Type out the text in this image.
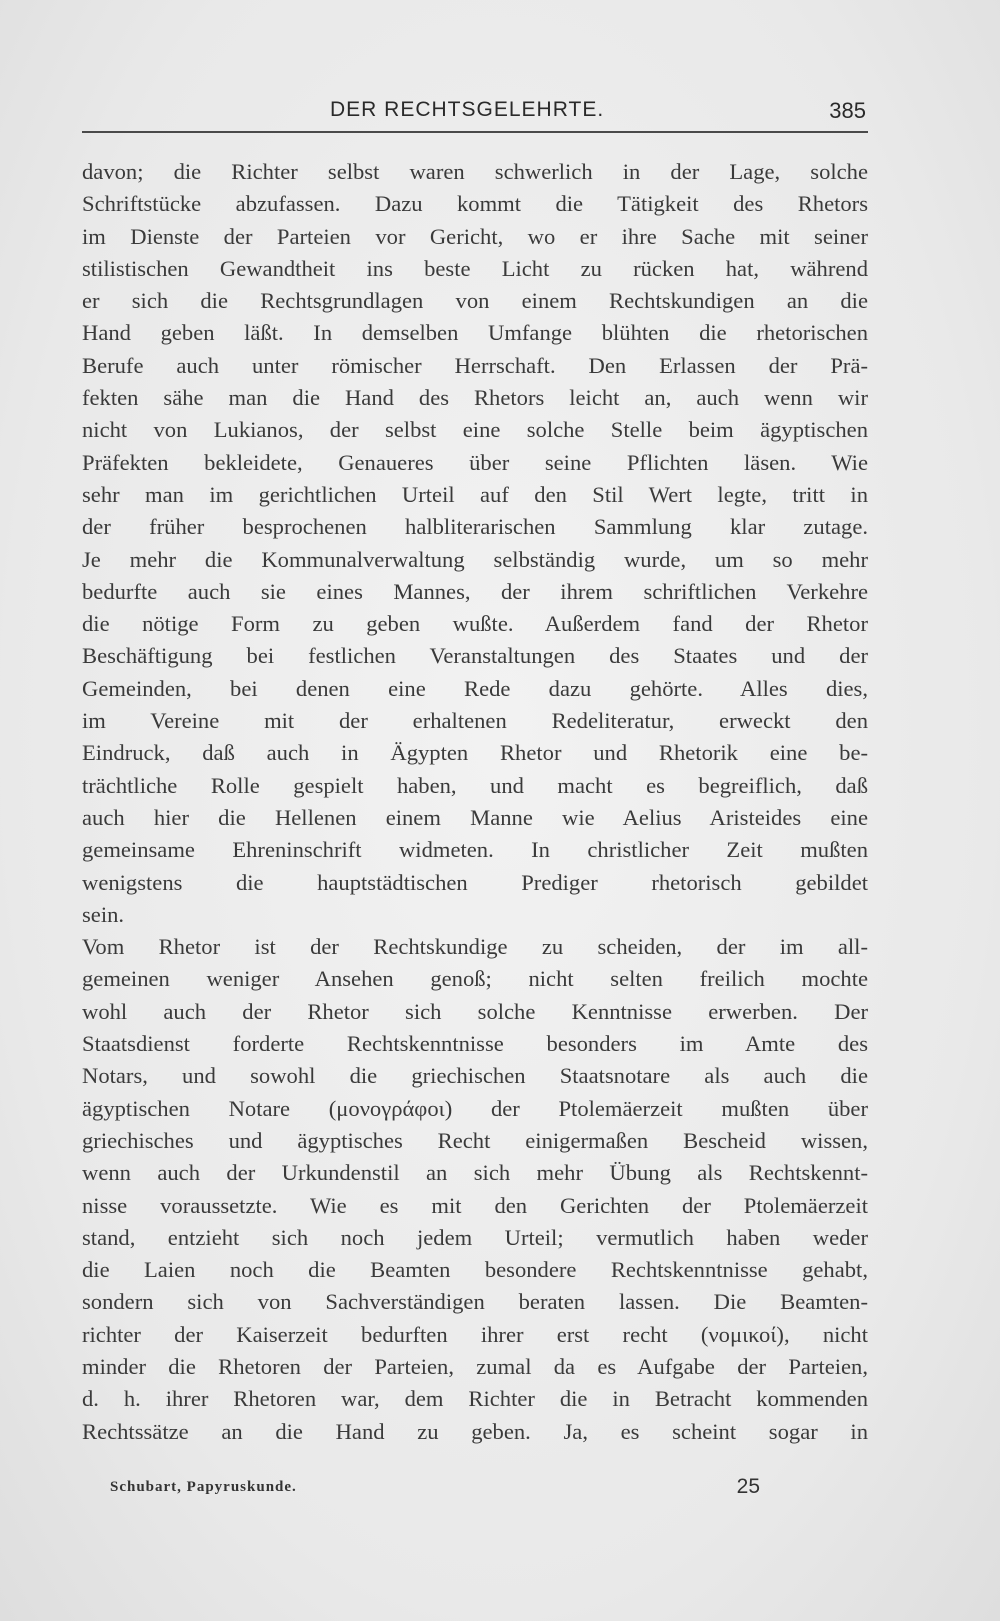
DER RECHTSGELEHRTE.	385
davon; die Richter selbst waren schwerlich in der Lage, solche
Schriftstücke abzufassen. Dazu kommt die Tätigkeit des Rhetors
im Dienste der Parteien vor Gericht, wo er ihre Sache mit seiner
stilistischen Gewandtheit ins beste Licht zu rücken hat, während
er sich die Rechtsgrundlagen von einem Rechtskundigen an die
Hand geben läßt. In demselben Umfange blühten die rhetorischen
Berufe auch unter römischer Herrschaft. Den Erlassen der Prä-
fekten sähe man die Hand des Rhetors leicht an, auch wenn wir
nicht von Lukianos, der selbst eine solche Stelle beim ägyptischen
Präfekten bekleidete, Genaueres über seine Pflichten läsen. Wie
sehr man im gerichtlichen Urteil auf den Stil Wert legte, tritt in
der früher besprochenen halbliterarischen Sammlung klar zutage.
Je mehr die Kommunalverwaltung selbständig wurde, um so mehr
bedurfte auch sie eines Mannes, der ihrem schriftlichen Verkehre
die nötige Form zu geben wußte. Außerdem fand der Rhetor
Beschäftigung bei festlichen Veranstaltungen des Staates und der
Gemeinden, bei denen eine Rede dazu gehörte. Alles dies,
im Vereine mit der erhaltenen Redeliteratur, erweckt den
Eindruck, daß auch in Ägypten Rhetor und Rhetorik eine be-
trächtliche Rolle gespielt haben, und macht es begreiflich, daß
auch hier die Hellenen einem Manne wie Aelius Aristeides eine
gemeinsame Ehreninschrift widmeten. In christlicher Zeit mußten
wenigstens die hauptstädtischen Prediger rhetorisch gebildet
sein.
Vom Rhetor ist der Rechtskundige zu scheiden, der im all-
gemeinen weniger Ansehen genoß; nicht selten freilich mochte
wohl auch der Rhetor sich solche Kenntnisse erwerben. Der
Staatsdienst forderte Rechtskenntnisse besonders im Amte des
Notars, und sowohl die griechischen Staatsnotare als auch die
ägyptischen Notare (μονογράφοι) der Ptolemäerzeit mußten über
griechisches und ägyptisches Recht einigermaßen Bescheid wissen,
wenn auch der Urkundenstil an sich mehr Übung als Rechtskennt-
nisse voraussetzte. Wie es mit den Gerichten der Ptolemäerzeit
stand, entzieht sich noch jedem Urteil; vermutlich haben weder
die Laien noch die Beamten besondere Rechtskenntnisse gehabt,
sondern sich von Sachverständigen beraten lassen. Die Beamten-
richter der Kaiserzeit bedurften ihrer erst recht (νομικοί), nicht
minder die Rhetoren der Parteien, zumal da es Aufgabe der Parteien,
d. h. ihrer Rhetoren war, dem Richter die in Betracht kommenden
Rechtssätze an die Hand zu geben. Ja, es scheint sogar in
Schubart, Papyruskunde.	25
